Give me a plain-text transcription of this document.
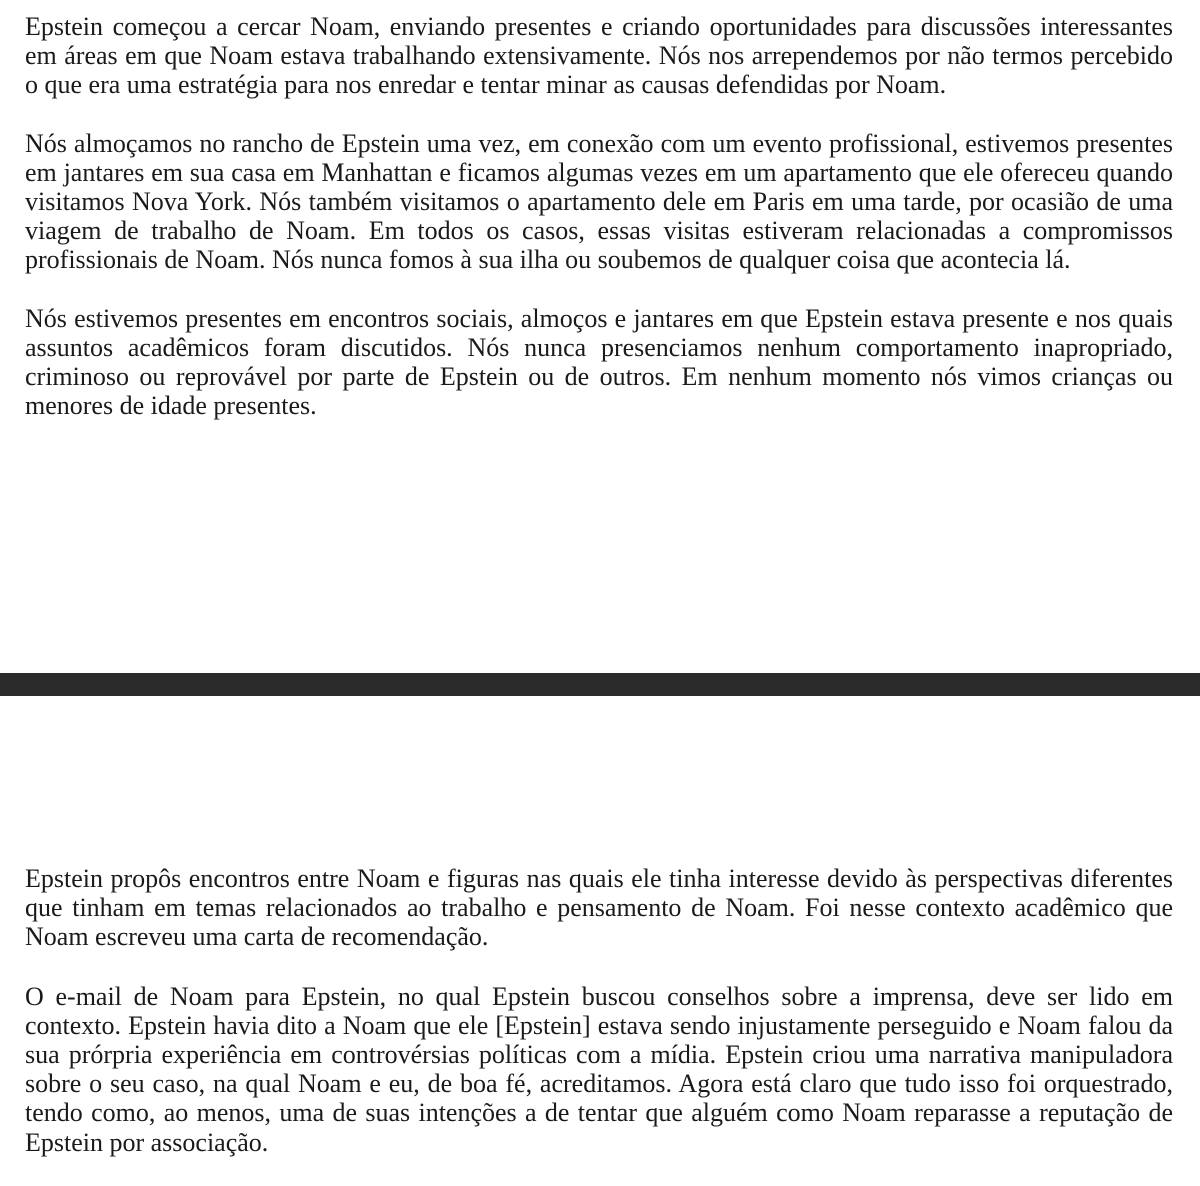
Epstein começou a cercar Noam, enviando presentes e criando oportunidades para discussões interessantes em áreas em que Noam estava trabalhando extensivamente. Nós nos arrependemos por não termos percebido o que era uma estratégia para nos enredar e tentar minar as causas defendidas por Noam.

Nós almoçamos no rancho de Epstein uma vez, em conexão com um evento profissional, estivemos presentes em jantares em sua casa em Manhattan e ficamos algumas vezes em um apartamento que ele ofereceu quando visitamos Nova York. Nós também visitamos o apartamento dele em Paris em uma tarde, por ocasião de uma viagem de trabalho de Noam. Em todos os casos, essas visitas estiveram relacionadas a compromissos profissionais de Noam. Nós nunca fomos à sua ilha ou soubemos de qualquer coisa que acontecia lá.

Nós estivemos presentes em encontros sociais, almoços e jantares em que Epstein estava presente e nos quais assuntos acadêmicos foram discutidos. Nós nunca presenciamos nenhum comportamento inapropriado, criminoso ou reprovável por parte de Epstein ou de outros. Em nenhum momento nós vimos crianças ou menores de idade presentes.

Epstein propôs encontros entre Noam e figuras nas quais ele tinha interesse devido às perspectivas diferentes que tinham em temas relacionados ao trabalho e pensamento de Noam. Foi nesse contexto acadêmico que Noam escreveu uma carta de recomendação.

O e-mail de Noam para Epstein, no qual Epstein buscou conselhos sobre a imprensa, deve ser lido em contexto. Epstein havia dito a Noam que ele [Epstein] estava sendo injustamente perseguido e Noam falou da sua prórpria experiência em controvérsias políticas com a mídia. Epstein criou uma narrativa manipuladora sobre o seu caso, na qual Noam e eu, de boa fé, acreditamos. Agora está claro que tudo isso foi orquestrado, tendo como, ao menos, uma de suas intenções a de tentar que alguém como Noam reparasse a reputação de Epstein por associação.
